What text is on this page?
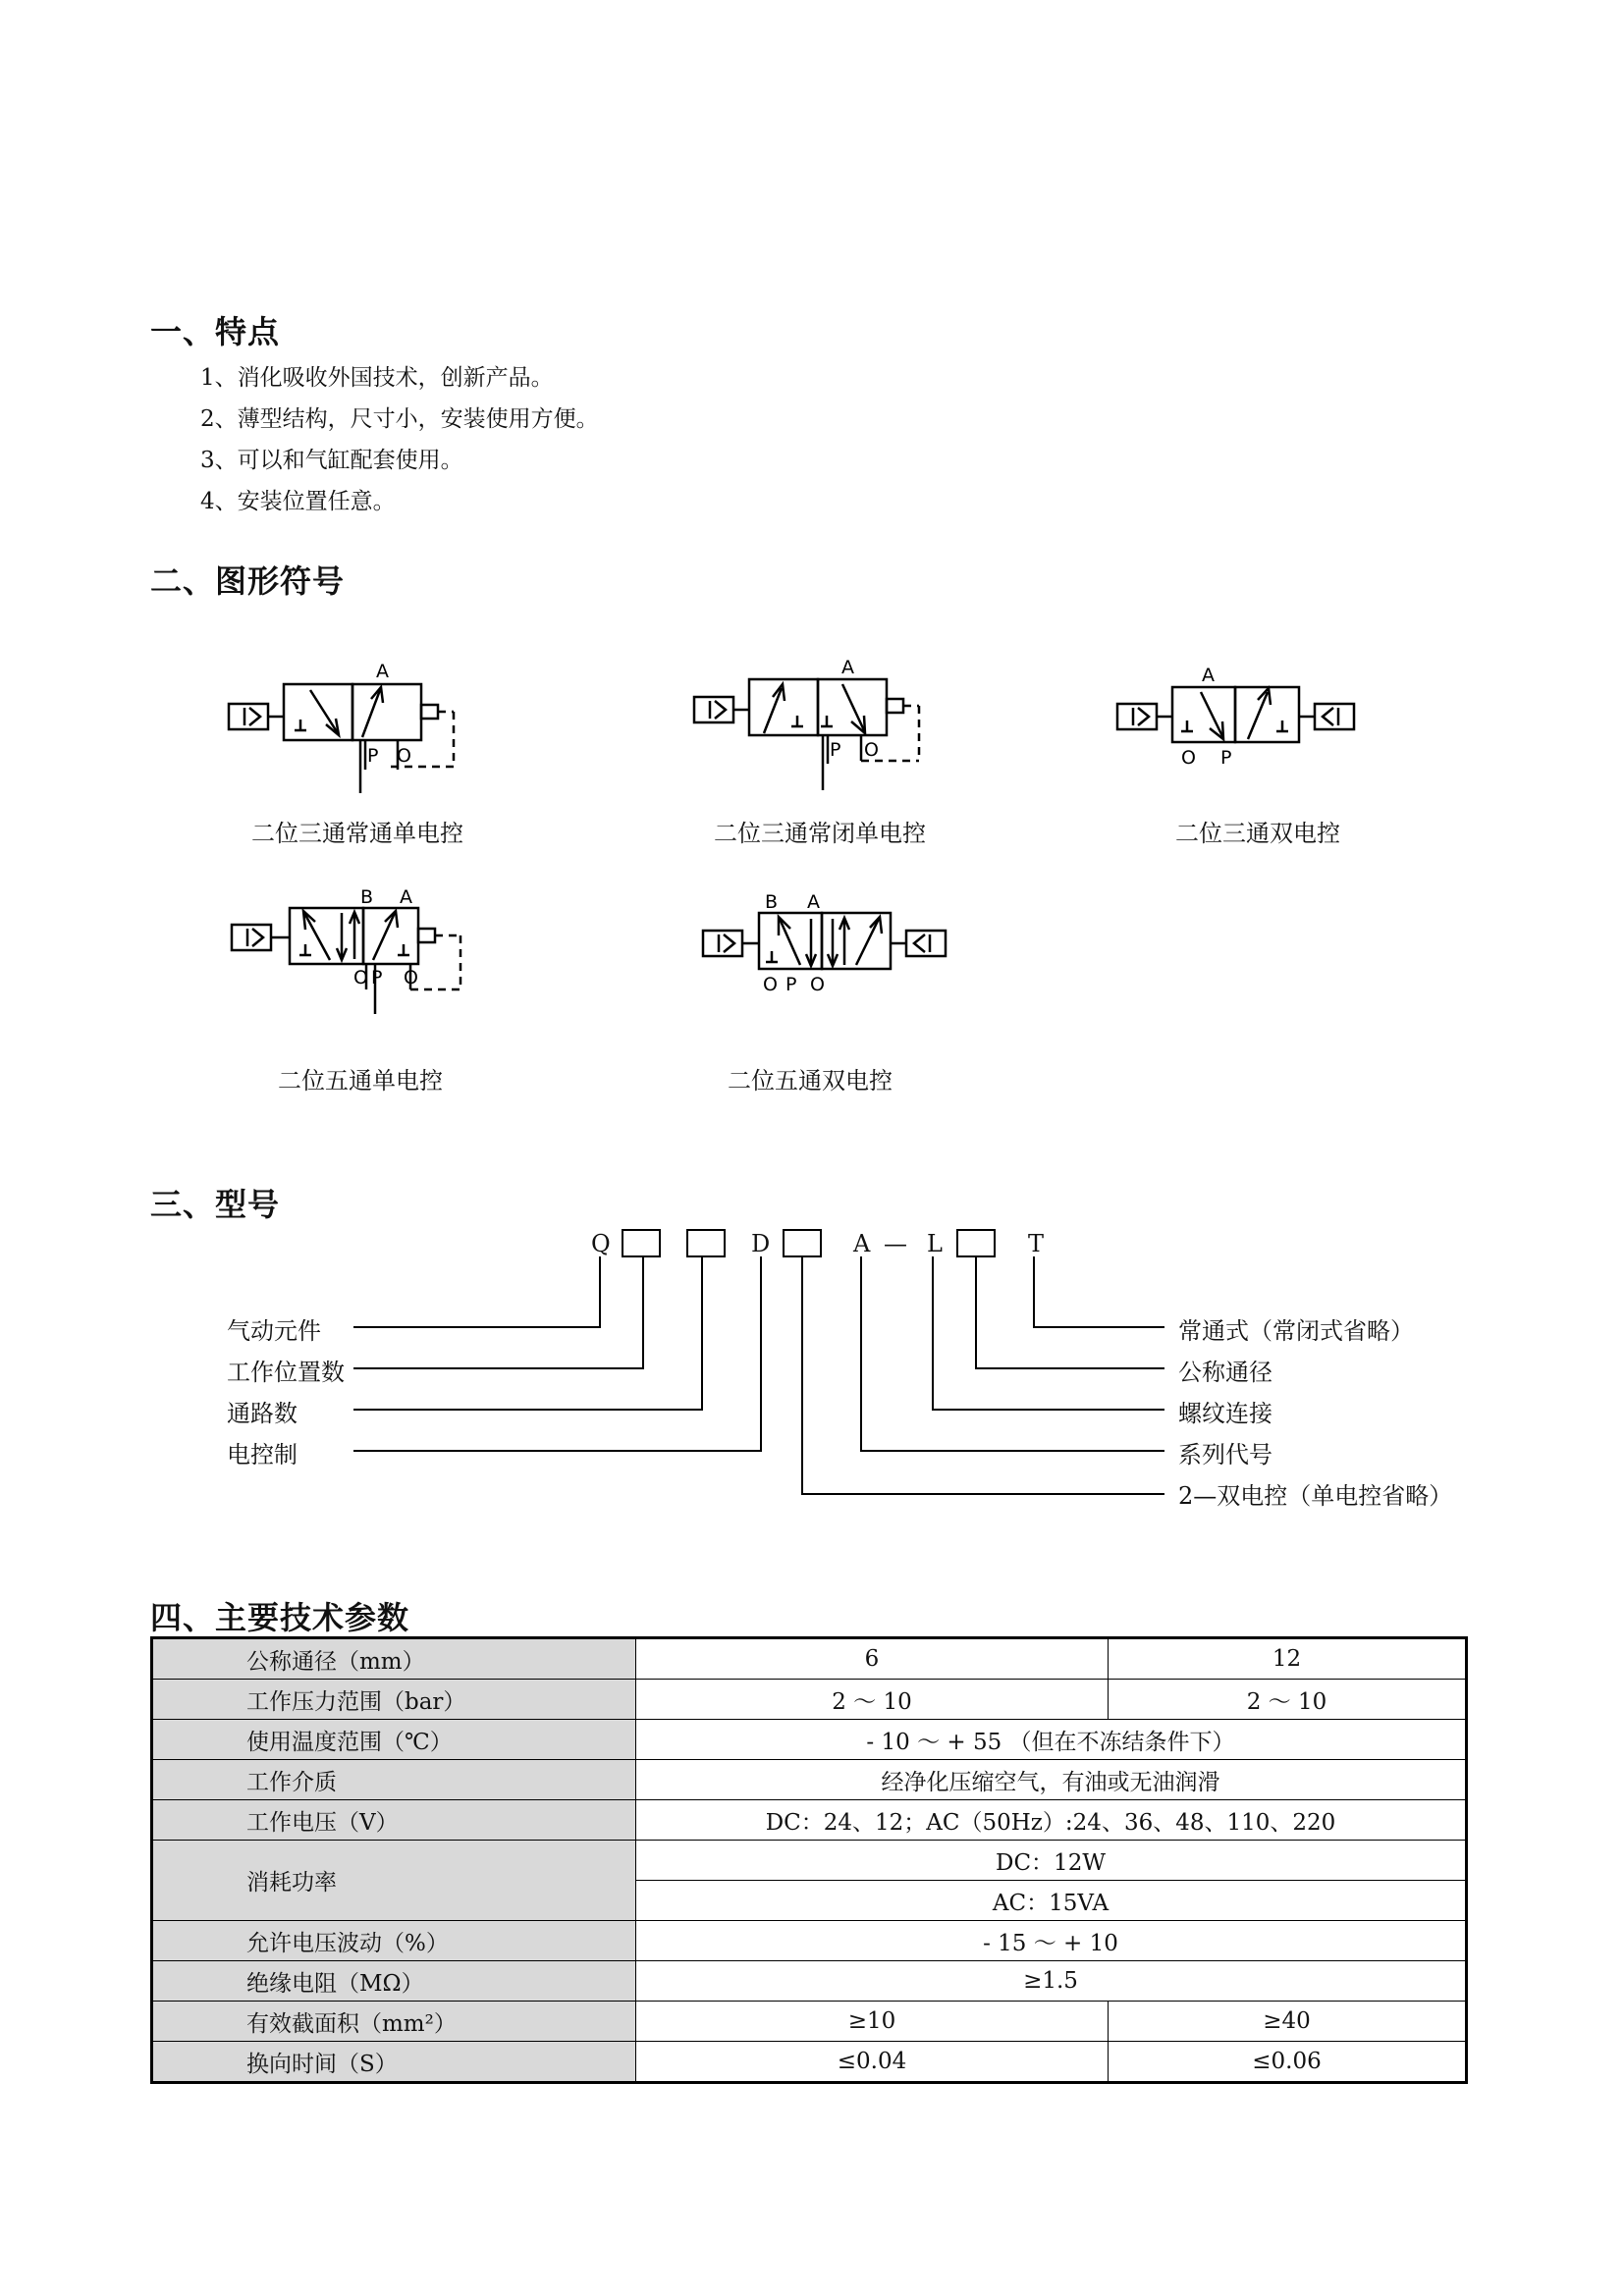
一、特点
二、图形符号
三、型号
四、主要技术参数
1、消化吸收外国技术，创新产品。
2、薄型结构，尺寸小，安装使用方便。
3、可以和气缸配套使用。
4、安装位置任意。
A
P O
A
P O
A
O P
B A
O P O
B A
O P O
二位三通常通单电控	二位三通常闭单电控	二位三通双电控
二位五通单电控	二位五通双电控
Q	D	A — L	T
气动元件
工作位置数
通路数
电控制
常通式（常闭式省略）
公称通径
螺纹连接
系列代号
2—双电控（单电控省略）
公称通径（mm）	6	12
工作压力范围（bar）	2 ～ 10	2 ～ 10
使用温度范围（℃）	- 10 ～ + 55 （但在不冻结条件下）	
工作介质	经净化压缩空气，有油或无油润滑	
工作电压（V）	DC：24、12；AC（50Hz）:24、36、48、110、220	
消耗功率	DC：12W	
	AC：15VA	
允许电压波动（%）	- 15 ～ + 10	
绝缘电阻（MΩ）	≥1.5	
有效截面积（mm²）	≥10	≥40
换向时间（S）	≤0.04	≤0.06
